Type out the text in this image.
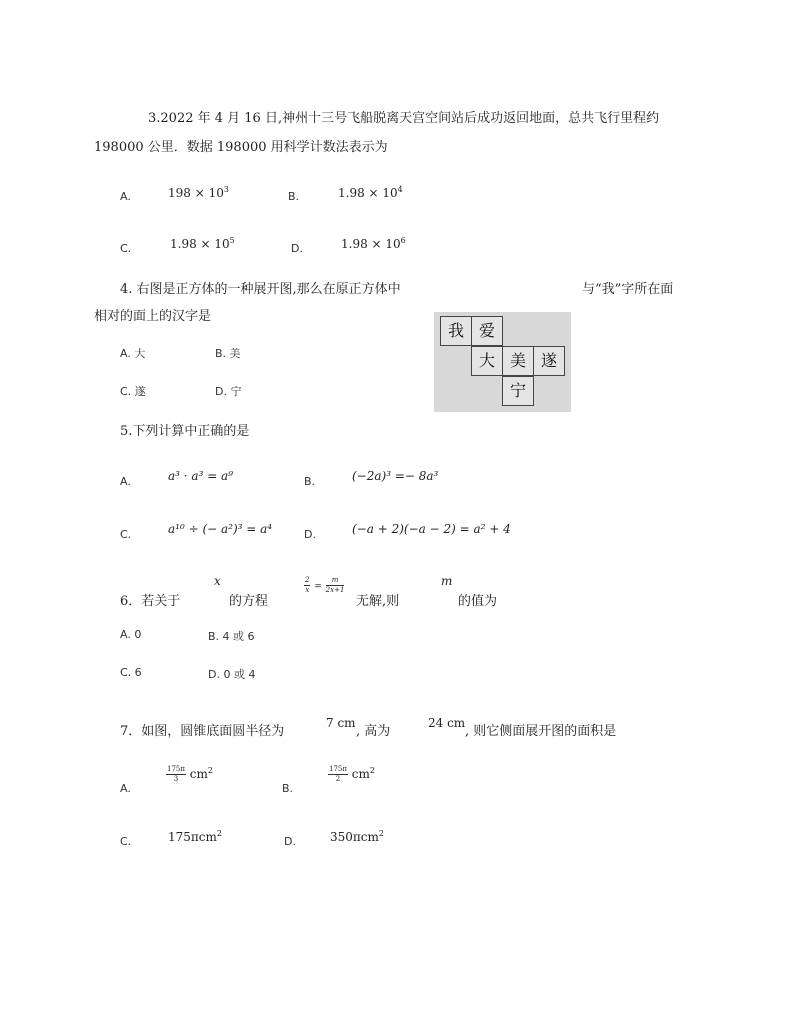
3.2022 年 4 月 16 日,神州十三号飞船脱离天宫空间站后成功返回地面，总共飞行里程约
198000 公里．数据 198000 用科学计数法表示为
A.	$198 \times 10^3$
B.	$1.98 \times 10^4$
C.	$1.98 \times 10^5$
D.	$1.98 \times 10^6$
4. 右图是正方体的一种展开图,那么在原正方体中	与“我”字所在面
相对的面上的汉字是
A. 大	B. 美
C. 遂	D. 宁
我 爱
大 美 遂
宁
5.下列计算中正确的是
A.	a³ · a³ = a⁹	B.	(−2a)³ =− 8a³
C.	a¹⁰ ÷ (− a²)³ = a⁴	D.	(−a + 2)(−a − 2) = a² + 4
6．若关于
x
的方程
$\frac{2}{x} = \frac{m}{2x+1}$
无解,则
m
的值为
A. 0	B. 4 或 6
C. 6	D. 0 或 4
7．如图，圆锥底面圆半径为
7 cm
, 高为
24 cm
, 则它侧面展开图的面积是
A.
$\frac{175\pi}{3} cm^2$
B.
$\frac{175\pi}{2} cm^2$
C.	175πcm$^2$
D.	350πcm$^2$
